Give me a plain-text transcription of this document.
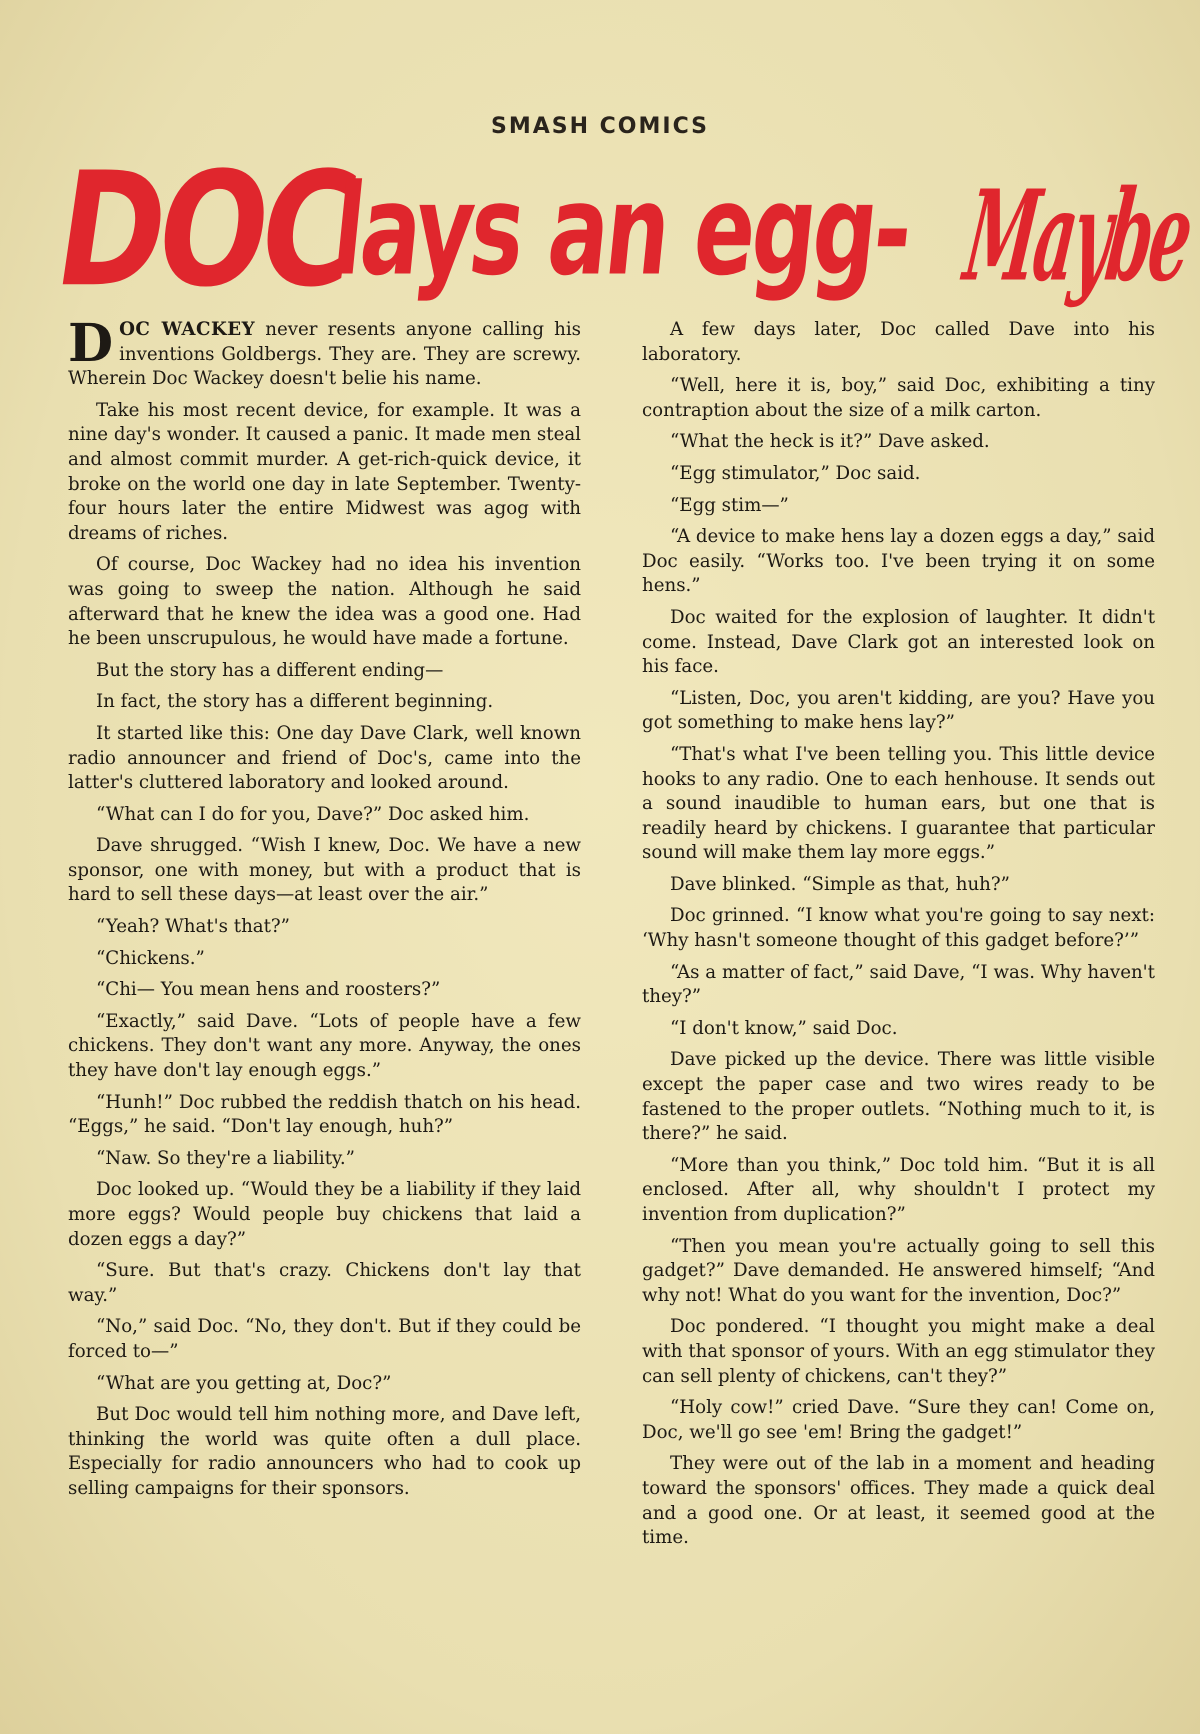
SMASH COMICS
DOC
lays an egg- Maybe

DOC WACKEY never resents anyone calling his inventions Goldbergs. They are. They are screwy. Wherein Doc Wackey doesn't belie his name.

Take his most recent device, for example. It was a nine day's wonder. It caused a panic. It made men steal and almost commit murder. A get-rich-quick device, it broke on the world one day in late September. Twenty-four hours later the entire Midwest was agog with dreams of riches.

Of course, Doc Wackey had no idea his invention was going to sweep the nation. Although he said afterward that he knew the idea was a good one. Had he been unscrupulous, he would have made a fortune.

But the story has a different ending—

In fact, the story has a different beginning.

It started like this: One day Dave Clark, well known radio announcer and friend of Doc's, came into the latter's cluttered laboratory and looked around.

“What can I do for you, Dave?” Doc asked him.

Dave shrugged. “Wish I knew, Doc. We have a new sponsor, one with money, but with a product that is hard to sell these days—at least over the air.”

“Yeah? What's that?”

“Chickens.”

“Chi— You mean hens and roosters?”

“Exactly,” said Dave. “Lots of people have a few chickens. They don't want any more. Anyway, the ones they have don't lay enough eggs.”

“Hunh!” Doc rubbed the reddish thatch on his head. “Eggs,” he said. “Don't lay enough, huh?”

“Naw. So they're a liability.”

Doc looked up. “Would they be a liability if they laid more eggs? Would people buy chickens that laid a dozen eggs a day?”

“Sure. But that's crazy. Chickens don't lay that way.”

“No,” said Doc. “No, they don't. But if they could be forced to—”

“What are you getting at, Doc?”

But Doc would tell him nothing more, and Dave left, thinking the world was quite often a dull place. Especially for radio announcers who had to cook up selling campaigns for their sponsors.

A few days later, Doc called Dave into his laboratory.

“Well, here it is, boy,” said Doc, exhibiting a tiny contraption about the size of a milk carton.

“What the heck is it?” Dave asked.

“Egg stimulator,” Doc said.

“Egg stim—”

“A device to make hens lay a dozen eggs a day,” said Doc easily. “Works too. I've been trying it on some hens.”

Doc waited for the explosion of laughter. It didn't come. Instead, Dave Clark got an interested look on his face.

“Listen, Doc, you aren't kidding, are you? Have you got something to make hens lay?”

“That's what I've been telling you. This little device hooks to any radio. One to each henhouse. It sends out a sound inaudible to human ears, but one that is readily heard by chickens. I guarantee that particular sound will make them lay more eggs.”

Dave blinked. “Simple as that, huh?”

Doc grinned. “I know what you're going to say next: ‘Why hasn't someone thought of this gadget before?’”

“As a matter of fact,” said Dave, “I was. Why haven't they?”

“I don't know,” said Doc.

Dave picked up the device. There was little visible except the paper case and two wires ready to be fastened to the proper outlets. “Nothing much to it, is there?” he said.

“More than you think,” Doc told him. “But it is all enclosed. After all, why shouldn't I protect my invention from duplication?”

“Then you mean you're actually going to sell this gadget?” Dave demanded. He answered himself; “And why not! What do you want for the invention, Doc?”

Doc pondered. “I thought you might make a deal with that sponsor of yours. With an egg stimulator they can sell plenty of chickens, can't they?”

“Holy cow!” cried Dave. “Sure they can! Come on, Doc, we'll go see 'em! Bring the gadget!”

They were out of the lab in a moment and heading toward the sponsors' offices. They made a quick deal and a good one. Or at least, it seemed good at the time.
